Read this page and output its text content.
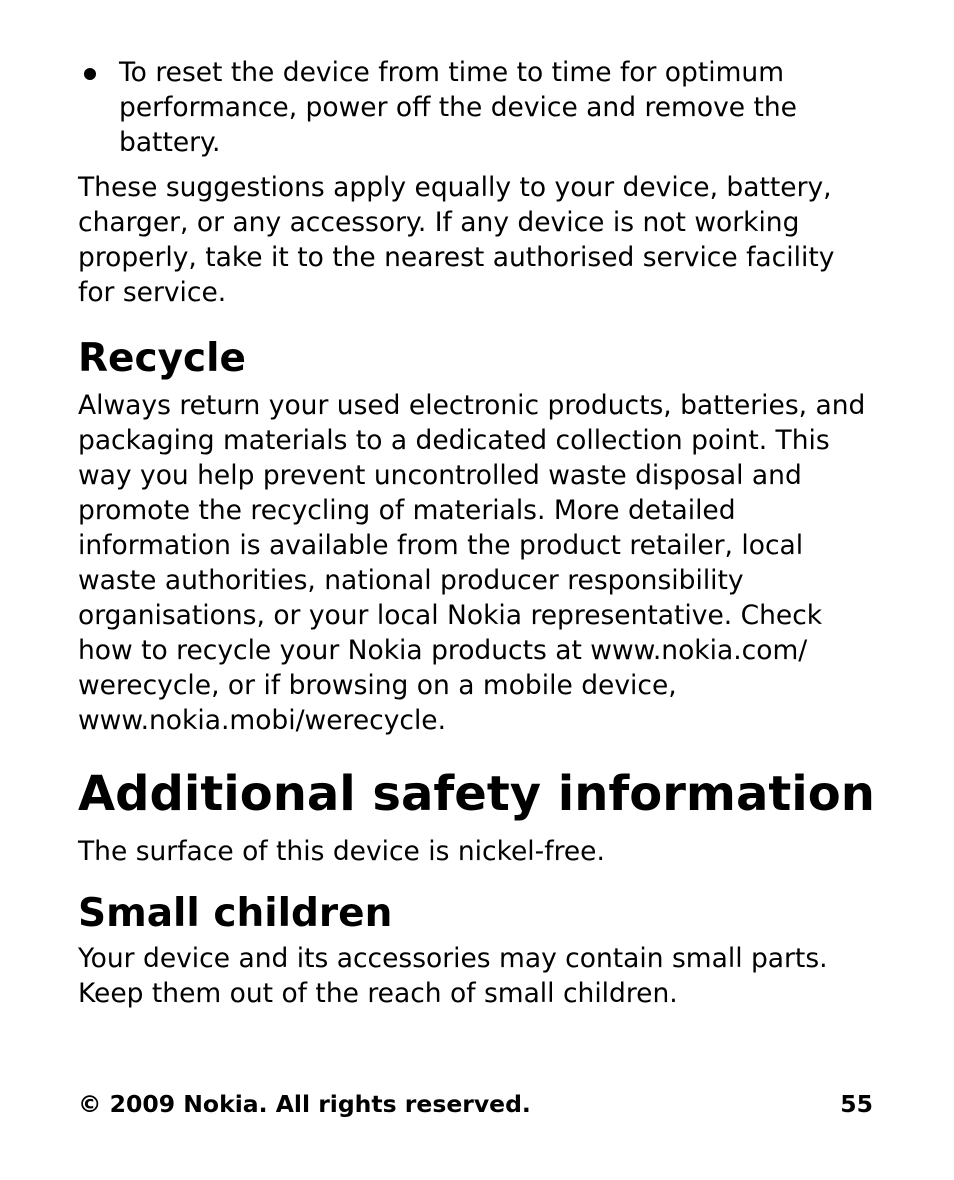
To reset the device from time to time for optimum performance, power off the device and remove the battery.

These suggestions apply equally to your device, battery, charger, or any accessory. If any device is not working properly, take it to the nearest authorised service facility for service.

Recycle

Always return your used electronic products, batteries, and packaging materials to a dedicated collection point. This way you help prevent uncontrolled waste disposal and promote the recycling of materials. More detailed information is available from the product retailer, local waste authorities, national producer responsibility organisations, or your local Nokia representative. Check how to recycle your Nokia products at www.nokia.com/ werecycle, or if browsing on a mobile device, www.nokia.mobi/werecycle.

Additional safety information

The surface of this device is nickel-free.

Small children

Your device and its accessories may contain small parts. Keep them out of the reach of small children.

© 2009 Nokia. All rights reserved.	55
